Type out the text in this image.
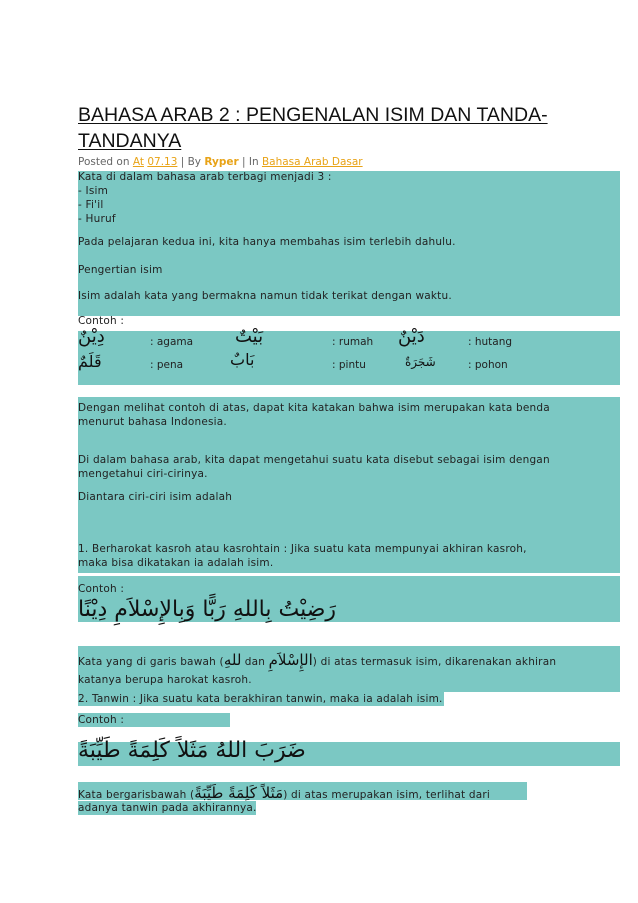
BAHASA ARAB 2 : PENGENALAN ISIM DAN TANDA-TANDANYA
Posted on At 07.13 | By Ryper | In Bahasa Arab Dasar
Kata di dalam bahasa arab terbagi menjadi 3 :
- Isim
- Fi'il
- Huruf
Pada pelajaran kedua ini, kita hanya membahas isim terlebih dahulu.
Pengertian isim
Isim adalah kata yang bermakna namun tidak terikat dengan waktu.
Contoh :
دِيْنٌ	: agama بَيْتٌ	: rumah دَيْنٌ	: hutang
قَلَمٌ	: pena	بَابٌ	: pintu	شَجَرَةٌ	: pohon
Dengan melihat contoh di atas, dapat kita katakan bahwa isim merupakan kata benda
menurut bahasa Indonesia.
Di dalam bahasa arab, kita dapat mengetahui suatu kata disebut sebagai isim dengan
mengetahui ciri-cirinya.
Diantara ciri-ciri isim adalah
1. Berharokat kasroh atau kasrohtain : Jika suatu kata mempunyai akhiran kasroh,
maka bisa dikatakan ia adalah isim.
Contoh :
رَضِيْتُ بِاللهِ رَبًّا وَبِالإِسْلاَمِ دِيْنًا
Kata yang di garis bawah (للهِ dan الإِسْلاَمِ) di atas termasuk isim, dikarenakan akhiran
katanya berupa harokat kasroh.
2. Tanwin : Jika suatu kata berakhiran tanwin, maka ia adalah isim.
Contoh :
ضَرَبَ اللهُ مَثَلاً كَلِمَةً طَيِّبَةً
Kata bergarisbawah (مَثَلاً كَلِمَةً طَيِّبَةً) di atas merupakan isim, terlihat dari
adanya tanwin pada akhirannya.
